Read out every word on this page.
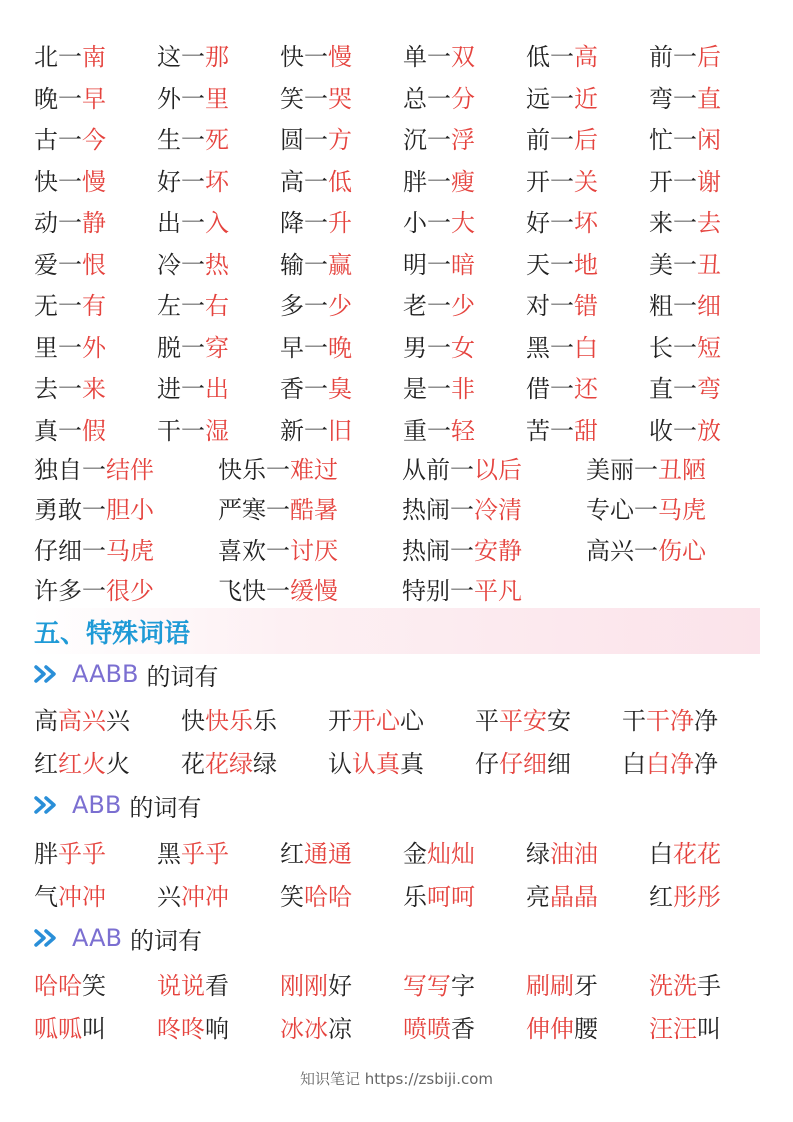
北一南	这一那	快一慢	单一双	低一高	前一后
晚一早	外一里	笑一哭	总一分	远一近	弯一直
古一今	生一死	圆一方	沉一浮	前一后	忙一闲
快一慢	好一坏	高一低	胖一瘦	开一关	开一谢
动一静	出一入	降一升	小一大	好一坏	来一去
爱一恨	冷一热	输一赢	明一暗	天一地	美一丑
无一有	左一右	多一少	老一少	对一错	粗一细
里一外	脱一穿	早一晚	男一女	黑一白	长一短
去一来	进一出	香一臭	是一非	借一还	直一弯
真一假	干一湿	新一旧	重一轻	苦一甜	收一放
独自一结伴	快乐一难过	从前一以后	美丽一丑陋
勇敢一胆小	严寒一酷暑	热闹一冷清	专心一马虎
仔细一马虎	喜欢一讨厌	热闹一安静	高兴一伤心
许多一很少	飞快一缓慢	特别一平凡
五、特殊词语
AABB 的词有
高高兴兴	快快乐乐	开开心心	平平安安	干干净净
红红火火	花花绿绿	认认真真	仔仔细细	白白净净
ABB 的词有
胖乎乎	黑乎乎	红通通	金灿灿	绿油油	白花花
气冲冲	兴冲冲	笑哈哈	乐呵呵	亮晶晶	红彤彤
AAB 的词有
哈哈笑	说说看	刚刚好	写写字	刷刷牙	洗洗手
呱呱叫	咚咚响	冰冰凉	喷喷香	伸伸腰	汪汪叫
知识笔记 https://zsbiji.com
